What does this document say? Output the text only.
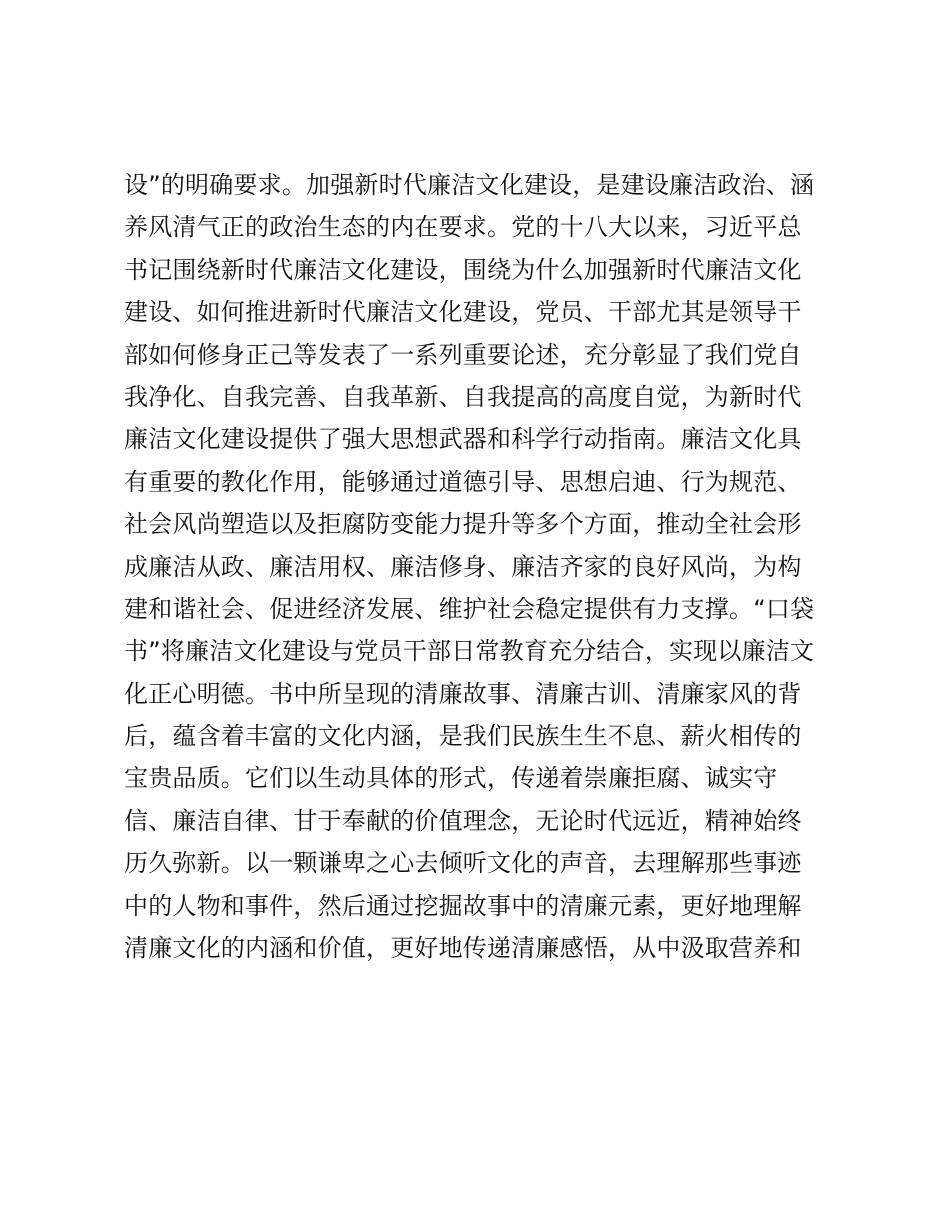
设”的明确要求。加强新时代廉洁文化建设，是建设廉洁政治、涵
养风清气正的政治生态的内在要求。党的十八大以来，习近平总
书记围绕新时代廉洁文化建设，围绕为什么加强新时代廉洁文化
建设、如何推进新时代廉洁文化建设，党员、干部尤其是领导干
部如何修身正己等发表了一系列重要论述，充分彰显了我们党自
我净化、自我完善、自我革新、自我提高的高度自觉，为新时代
廉洁文化建设提供了强大思想武器和科学行动指南。廉洁文化具
有重要的教化作用，能够通过道德引导、思想启迪、行为规范、
社会风尚塑造以及拒腐防变能力提升等多个方面，推动全社会形
成廉洁从政、廉洁用权、廉洁修身、廉洁齐家的良好风尚，为构
建和谐社会、促进经济发展、维护社会稳定提供有力支撑。“口袋
书”将廉洁文化建设与党员干部日常教育充分结合，实现以廉洁文
化正心明德。书中所呈现的清廉故事、清廉古训、清廉家风的背
后，蕴含着丰富的文化内涵，是我们民族生生不息、薪火相传的
宝贵品质。它们以生动具体的形式，传递着崇廉拒腐、诚实守
信、廉洁自律、甘于奉献的价值理念，无论时代远近，精神始终
历久弥新。以一颗谦卑之心去倾听文化的声音，去理解那些事迹
中的人物和事件，然后通过挖掘故事中的清廉元素，更好地理解
清廉文化的内涵和价值，更好地传递清廉感悟，从中汲取营养和
